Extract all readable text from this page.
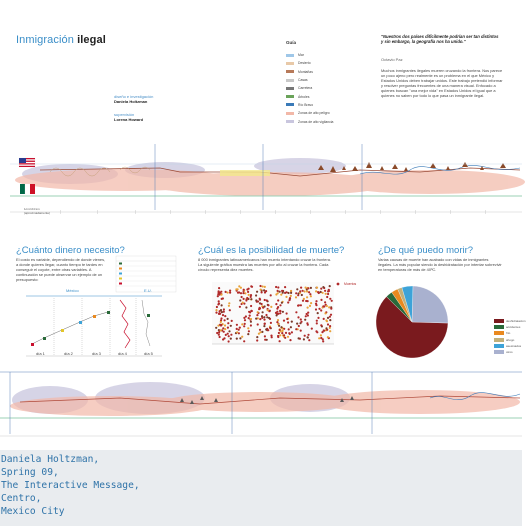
Inmigración ilegal
diseño e investigación
Daniela Holtzman
supervisión
Lorena Howard
Guía
Mar
Desierto
Montañas
Casas
Carretera
Árboles
Río Bravo
Zonas de alto peligro
Zonas de alto vigilancia
"Nuestros dos países difícilmente podrían ser tan distintos y sin embargo, la geografía nos ha unido."
Octavio Paz
Muchos inmigrantes ilegales mueren cruzando la frontera. Nos parece un poco ajeno pero realmente es un problema en el que México y Estados Unidos deben trabajar unidos. Este trabajo pretendió informar y resolver preguntas frecuentes de una manera visual. Enfocado a quienes buscan "una mejor vida" en Estados Unidos el igual que a quienes no saben por todo lo que pasa un inmigrante ilegal.
1cm=24 km (aproximadamente)
¿Cuánto dinero necesito?
El costo es variable, dependiendo de donde vienes, a donde quieres llegar, cuanto tiempo te tardes en conseguir el coyote, entre otras variables. A continuación se puede observar un ejemplo de un presupuesto:
México	E.U.
día 1	día 2	día 3	día 4	día 5
¿Cuál es la posibilidad de muerte?
8 000 inmigrantes latinoamericanos han muerto intentando cruzar la frontera. La siguiente gráfica muestra las muertes por año al cruzar la frontera. Cada círculo representa diez muertes.
Muertos
¿De qué puedo morir?
Varias causas de muerte han acabado con vidas de inmigrantes ilegales. La más popular siendo la deshidratación por intentar sobrevivir en temperaturas de más de 40ºC.
deshidratación
accidentes
frío
ahogo
asesinados
otros
Daniela Holtzman,
Spring 09,
The Interactive Message,
Centro,
Mexico City
